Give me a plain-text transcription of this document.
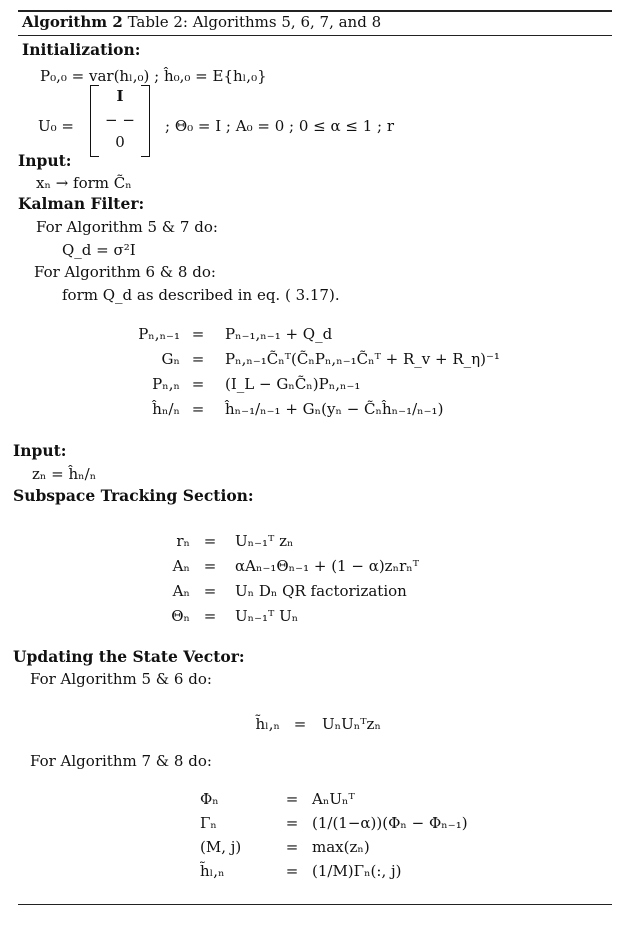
Algorithm 2 Table 2: Algorithms 5, 6, 7, and 8
Initialization:
P₀,₀ = var(hₗ,₀) ; ĥ₀,₀ = E{hₗ,₀}
U₀ =
I
− −
0
; Θ₀ = I ; A₀ = 0 ; 0 ≤ α ≤ 1 ; r
Input:
xₙ → form C̃ₙ
Kalman Filter:
For Algorithm 5 & 7 do:
Q_d = σ²I
For Algorithm 6 & 8 do:
form Q_d as described in eq. ( 3.17).
Pₙ,ₙ₋₁ = Pₙ₋₁,ₙ₋₁ + Q_d
Gₙ = Pₙ,ₙ₋₁C̃ₙᵀ(C̃ₙPₙ,ₙ₋₁C̃ₙᵀ + R_v + R_η)⁻¹
Pₙ,ₙ = (I_L − GₙC̃ₙ)Pₙ,ₙ₋₁
ĥₙ/ₙ = ĥₙ₋₁/ₙ₋₁ + Gₙ(yₙ − C̃ₙĥₙ₋₁/ₙ₋₁)
Input:
zₙ = ĥₙ/ₙ
Subspace Tracking Section:
rₙ = Uₙ₋₁ᵀ zₙ
Aₙ = αAₙ₋₁Θₙ₋₁ + (1 − α)zₙrₙᵀ
Aₙ = Uₙ Dₙ QR factorization
Θₙ = Uₙ₋₁ᵀ Uₙ
Updating the State Vector:
For Algorithm 5 & 6 do:
h̃ₗ,ₙ = UₙUₙᵀzₙ
For Algorithm 7 & 8 do:
Φₙ	= AₙUₙᵀ
Γₙ	= (1/(1−α))(Φₙ − Φₙ₋₁)
(M, j)	= max(zₙ)
h̃ₗ,ₙ	= (1/M)Γₙ(:, j)
